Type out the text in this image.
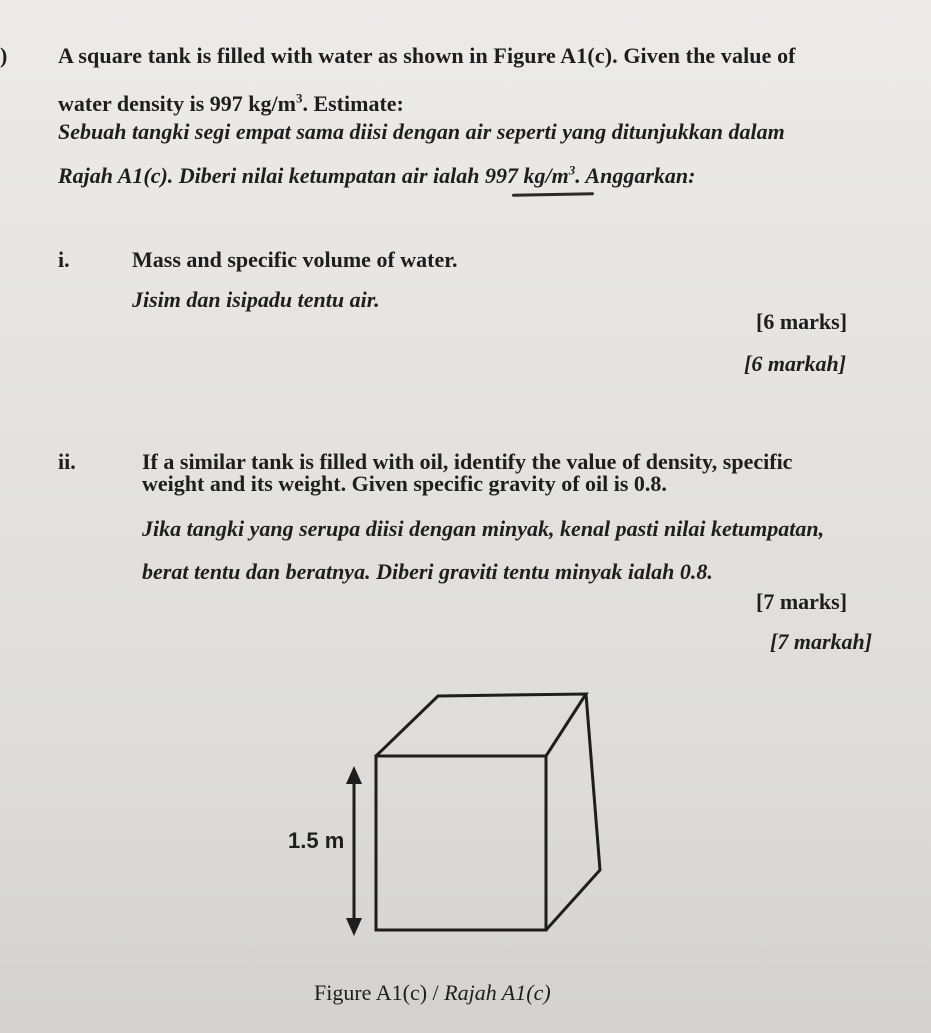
) A square tank is filled with water as shown in Figure A1(c). Given the value of
water density is 997 $kg/m^3$. Estimate:
Sebuah tangki segi empat sama diisi dengan air seperti yang ditunjukkan dalam
Rajah A1(c). Diberi nilai ketumpatan air ialah 997 $kg/m^3$. Anggarkan:
i.	Mass and specific volume of water.
Jisim dan isipadu tentu air.
[6 marks]
[6 markah]
ii.	If a similar tank is filled with oil, identify the value of density, specific
weight and its weight. Given specific gravity of oil is 0.8.
Jika tangki yang serupa diisi dengan minyak, kenal pasti nilai ketumpatan,
berat tentu dan beratnya. Diberi graviti tentu minyak ialah 0.8.
[7 marks]
[7 markah]
1.5 m
Figure A1(c) / Rajah A1(c)
